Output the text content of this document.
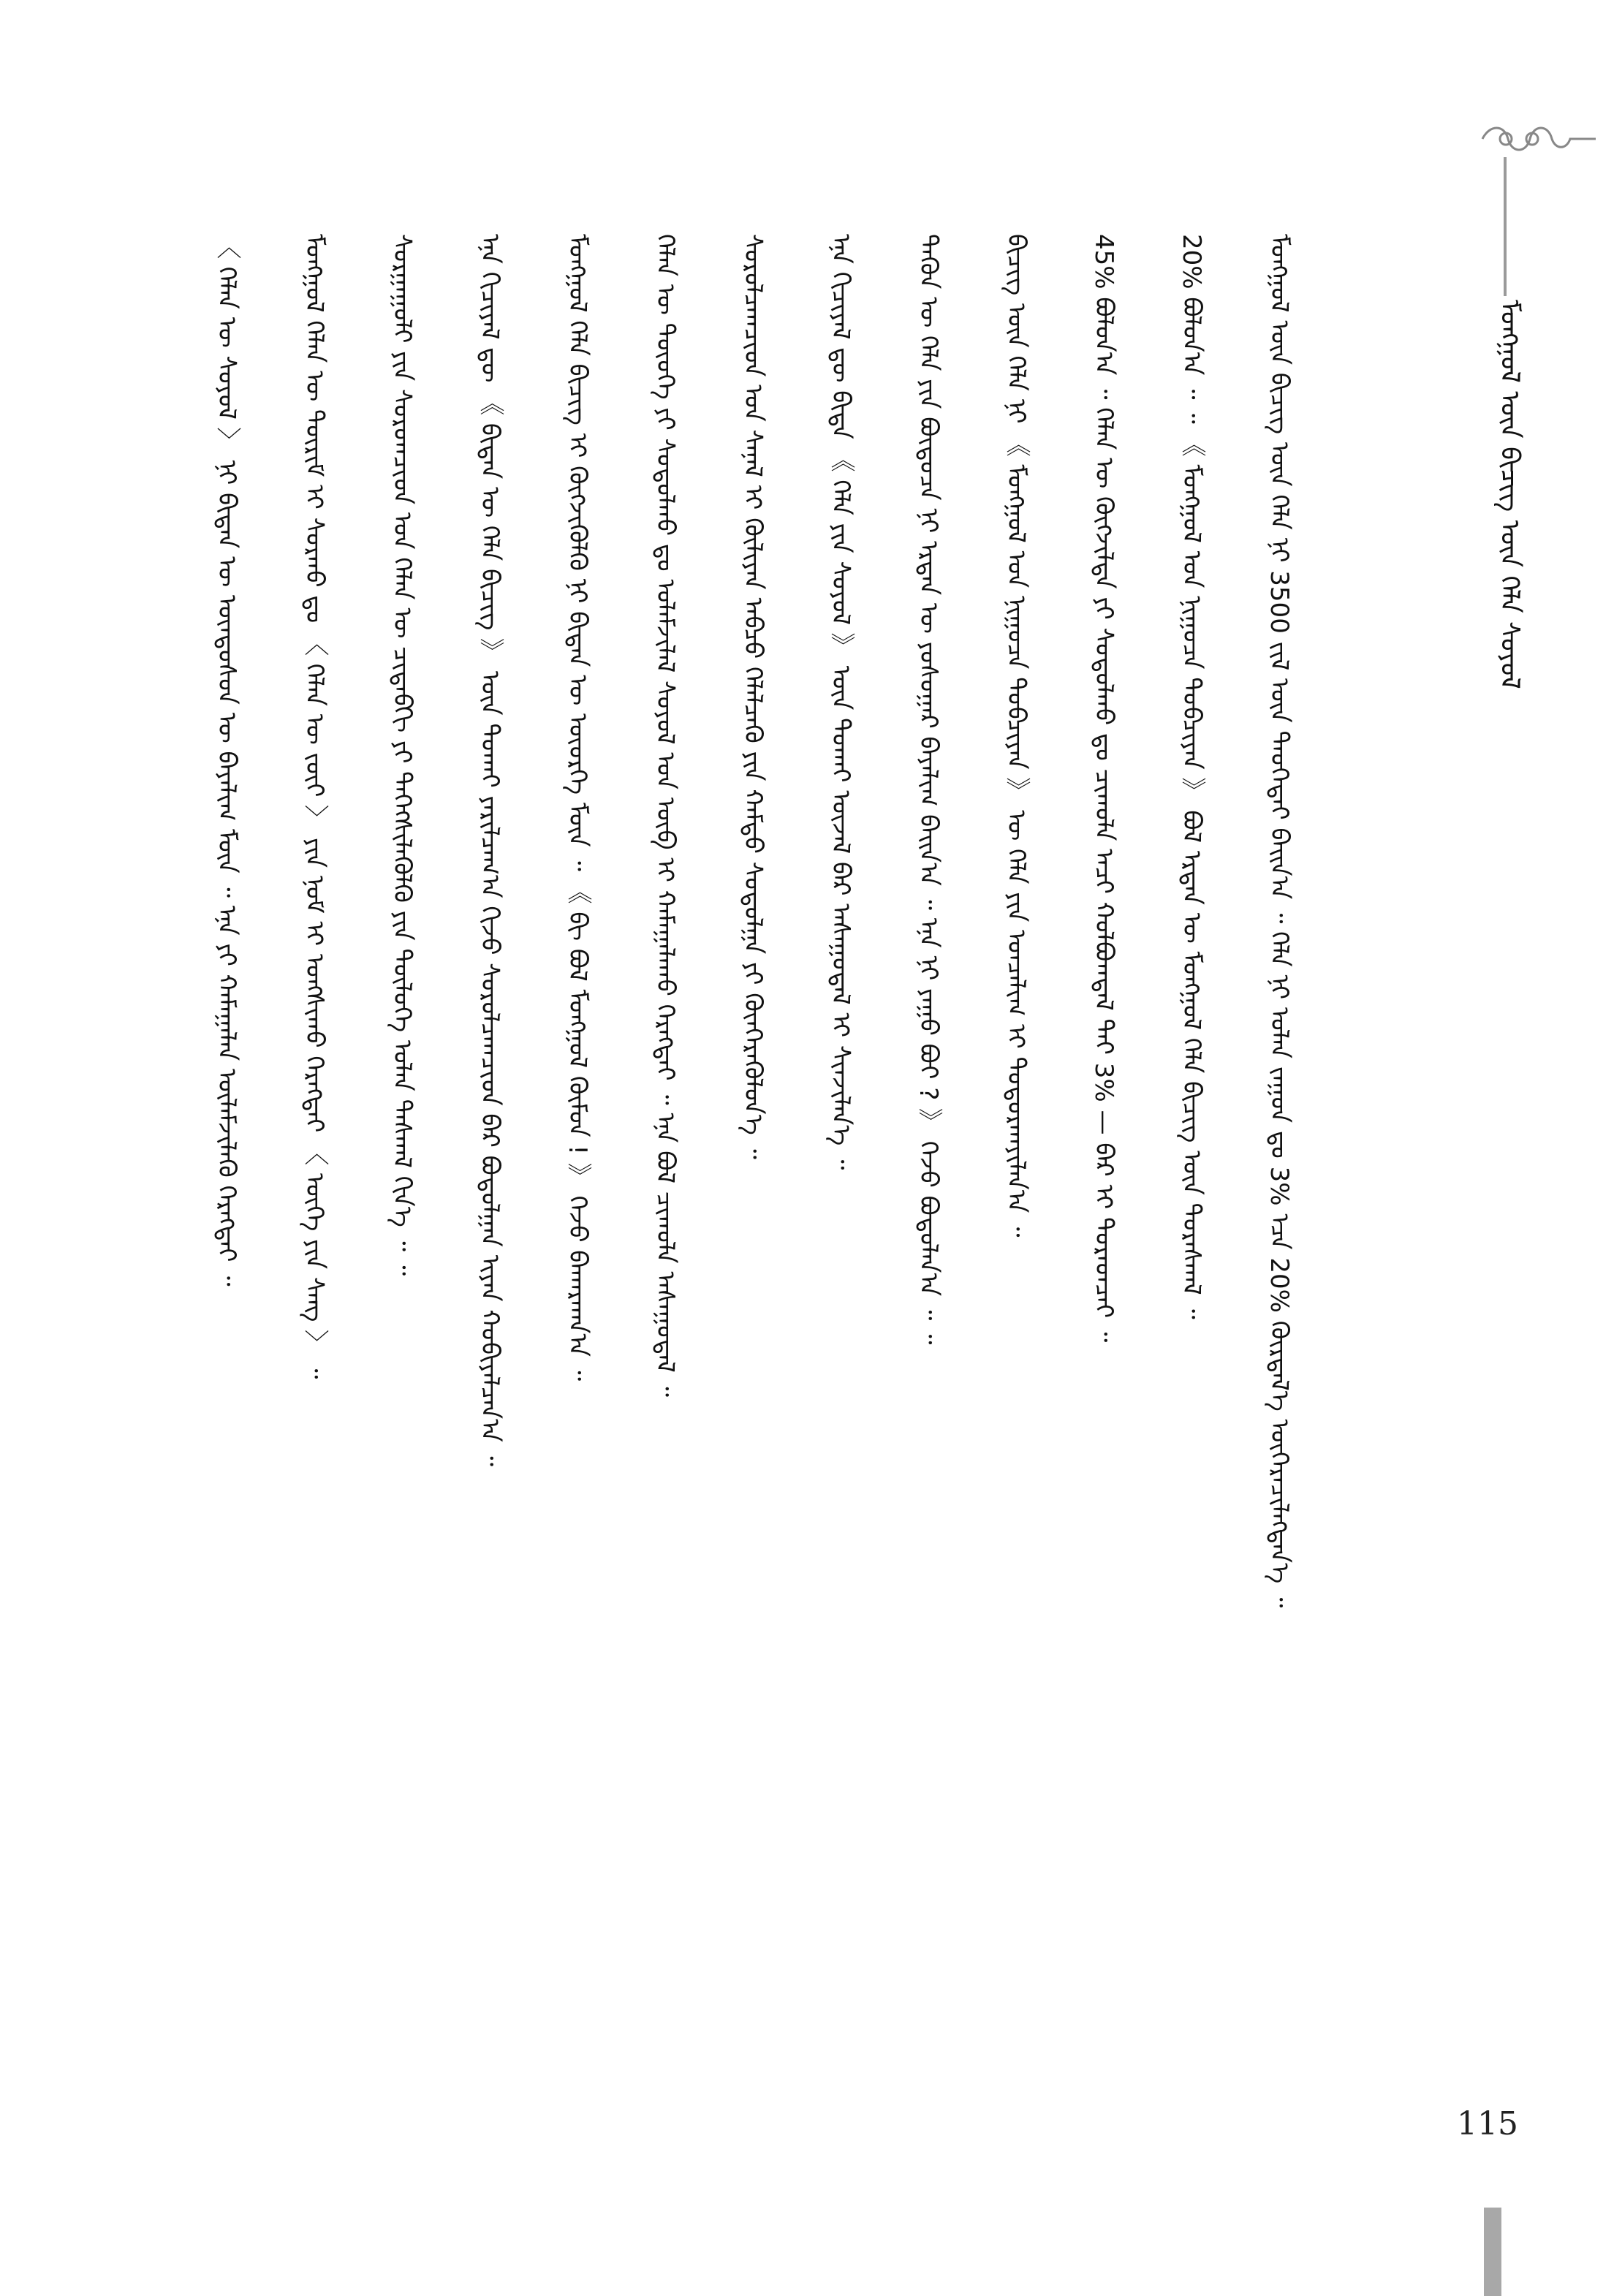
ᠮᠣᠩᠭᠣᠯ ᠦᠨ ᠪᠢᠴᠢᠭ ᠦᠨ ᠬᠡᠯᠡ ᠰᠣᠶᠣᠯ
〈 ᠬᠡᠯᠡᠨ ᠦ ᠰᠣᠶᠣᠯ 〉 ᠨᠢ ᠪᠢᠳᠡᠨ ᠦ ᠦᠨᠳᠦᠰᠦᠨ ᠦ ᠪᠠᠶᠠᠯᠢᠭ ᠮᠥᠨ ᠃ ᠡᠨᠡ ᠶᠢ ᠬᠠᠮᠠᠭᠠᠯᠠᠨ ᠦᠯᠡᠮᠵᠢᠯᠡᠬᠦ ᠬᠡᠷᠡᠭᠲᠡᠢ ᠃	ᠮᠣᠩᠭᠣᠯ ᠬᠡᠯᠡᠨ ᠦ ᠳᠦᠷᠢᠮ ᠢ ᠰᠤᠷᠬᠤ ᠳᠤ 〈 ᠬᠡᠯᠡᠨ ᠦ ᠵᠦᠢ 〉 ᠶᠢᠨ ᠨᠣᠮ ᠢ ᠤᠩᠰᠢᠬᠤ ᠬᠡᠷᠡᠭᠲᠡᠢ 〈 ᠦᠭᠡ ᠶᠢᠨ ᠰᠠᠩ 〉 ᠃	ᠰᠤᠷᠭᠠᠭᠤᠯᠢ ᠶᠢᠨ ᠰᠤᠷᠤᠭᠴᠢᠳ ᠤᠨ ᠬᠡᠯᠡᠨ ᠦ ᠴᠢᠳᠠᠪᠬᠢ ᠶᠢ ᠳᠡᠭᠡᠭᠰᠢᠯᠡᠭᠦᠯᠬᠦ ᠶᠢᠨ ᠲᠥᠯᠦᠭᠡ ᠣᠯᠠᠨ ᠳᠠᠰᠬᠠᠯ ᠬᠢᠨ᠎ᠡ ᠃ ᠃	ᠡᠨᠡ ᠬᠢᠴᠢᠶᠡᠯ ᠳᠦ 《 ᠪᠢᠳᠡᠨ ᠦ ᠬᠡᠯᠡ ᠪᠢᠴᠢᠭ 》 ᠦᠨ ᠲᠤᠬᠠᠢ ᠶᠠᠷᠢᠯᠴᠠᠭ᠎ᠠ ᠬᠢᠵᠦ ᠰᠤᠷᠤᠯᠴᠠᠭᠴᠢᠳ ᠪᠡᠷ ᠪᠣᠳᠣᠯᠭᠠᠨ ᠢᠶᠠᠨ ᠬᠤᠪᠢᠶᠠᠯᠴᠠᠨ᠎ᠠ ᠃	ᠮᠣᠩᠭᠣᠯ ᠬᠡᠯᠡ ᠪᠢᠴᠢᠭ ᠢ ᠬᠥᠭᠵᠢᠭᠦᠯᠬᠦ ᠨᠢ ᠪᠢᠳᠡᠨ ᠦ ᠦᠦᠷᠭᠡ ᠮᠥᠨ ᠃ 《 ᠪᠢ ᠪᠣᠯ ᠮᠣᠩᠭᠣᠯ ᠬᠦᠮᠦᠨ ! 》 ᠭᠡᠵᠦ ᠪᠠᠬᠠᠷᠬᠠᠨ᠎ᠠ ᠃	ᠬᠡᠯᠡᠨ ᠦ ᠲᠦᠦᠬᠡ ᠶᠢ ᠰᠤᠳᠤᠯᠬᠤ ᠳᠤ ᠤᠯᠠᠮᠵᠢᠯᠠᠯ ᠰᠣᠶᠣᠯ ᠤᠨ ᠥᠪ ᠢ ᠬᠠᠮᠠᠭᠠᠯᠠᠬᠤ ᠬᠡᠷᠡᠭᠲᠡᠢ ᠃ ᠡᠨᠡ ᠪᠣᠯ ᠴᠢᠬᠤᠯᠠ ᠠᠰᠠᠭᠤᠳᠠᠯ ᠃	ᠰᠤᠷᠤᠯᠴᠠᠭᠴᠢᠳ ᠤᠨ ᠰᠠᠨᠠᠯ ᠢ ᠬᠦᠯᠢᠶᠡᠨ ᠠᠪᠴᠤ ᠬᠡᠯᠡᠯᠴᠡᠬᠦ ᠶᠢᠨ ᠬᠠᠮᠲᠤ ᠰᠤᠳᠤᠯᠭᠠ ᠶᠢ ᠭᠦᠨᠭᠡᠷᠡᠭᠦᠯᠦᠨ᠎ᠡ ᠃	ᠡᠨᠡ ᠬᠢᠴᠢᠶᠡᠯ ᠳᠦ ᠪᠢᠳᠡ 《 ᠬᠡᠯᠡ ᠶᠢᠨ ᠰᠣᠶᠣᠯ 》 ᠦᠨ ᠲᠤᠬᠠᠢ ᠦᠵᠡᠯ ᠪᠠᠷ ᠠᠰᠠᠭᠤᠳᠠᠯ ᠢ ᠰᠢᠨᠵᠢᠯᠡᠨ᠎ᠡ ᠃	ᠲᠡᠭᠦᠨ ᠦ ᠬᠡᠯᠡ ᠶᠢᠨ ᠪᠦᠲᠦᠴᠡ ᠨᠢ ᠡᠷᠲᠡᠨ ᠦ ᠶᠣᠰᠣᠭᠠᠷ ᠪᠠᠶᠠᠯᠢᠭ ᠪᠠᠢᠨ᠎ᠠ ᠃ ᠡᠨᠡ ᠨᠢ ᠶᠠᠭᠤ ᠪᠣᠢ ? 》 ᠭᠡᠵᠦ ᠪᠣᠳᠣᠯᠠᠨ᠎ᠠ ᠃ ᠃	ᠪᠢᠴᠢᠭ ᠦᠨ ᠬᠡᠯᠡ ᠨᠢ 《 ᠮᠣᠩᠭᠣᠯ ᠤᠨ ᠨᠢᠭᠤᠴᠠ ᠲᠣᠪᠴᠢᠶᠠᠨ 》 ᠦ ᠬᠡᠯᠡ ᠶᠢᠨ ᠣᠨᠴᠠᠯᠢᠭ ᠢ ᠲᠣᠳᠣᠷᠬᠠᠶᠢᠯᠠᠨ᠎ᠠ ᠃	45% ᠪᠣᠯᠤᠨ᠎ᠠ ᠃ ᠬᠡᠯᠡᠨ ᠦ ᠬᠥᠭᠵᠢᠯᠲᠡ ᠶᠢ ᠰᠤᠳᠤᠯᠬᠤ ᠳᠤ ᠴᠢᠬᠤᠯᠠ ᠠᠴᠢ ᠬᠣᠯᠪᠣᠭᠳᠠᠯ ᠲᠠᠢ 3% — ᠪᠠᠷ ᠢ ᠳᠤᠷᠠᠳᠴᠠᠢ ᠃	20% ᠪᠣᠯᠤᠨ᠎ᠠ ᠃ ᠃ 《 ᠮᠣᠩᠭᠣᠯ ᠤᠨ ᠨᠢᠭᠤᠴᠠ ᠲᠣᠪᠴᠢᠶᠠᠨ 》 ᠪᠣᠯ ᠡᠷᠲᠡᠨ ᠦ ᠮᠣᠩᠭᠣᠯ ᠬᠡᠯᠡ ᠪᠢᠴᠢᠭ ᠦᠨ ᠳᠤᠷᠠᠰᠬᠠᠯ ᠃	ᠮᠣᠩᠭᠣᠯ ᠦᠨ ᠪᠢᠴᠢᠭ ᠦᠨ ᠬᠡᠯᠡ ᠨᠢ 3500 ᠵᠢᠯ ᠦᠨ ᠲᠡᠦᠬᠡᠲᠡᠢ ᠪᠠᠢᠨ᠎ᠠ ᠃ ᠬᠡᠯᠡ ᠨᠢ ᠣᠯᠠᠨ ᠵᠠᠭᠤᠨ ᠳᠤ 3% ᠡᠴᠡ 20% ᠬᠦᠷᠲᠡᠯ᠎ᠡ ᠥᠭᠡᠷᠡᠴᠢᠯᠡᠭᠳᠡᠨ᠎ᠡ ᠃
115
